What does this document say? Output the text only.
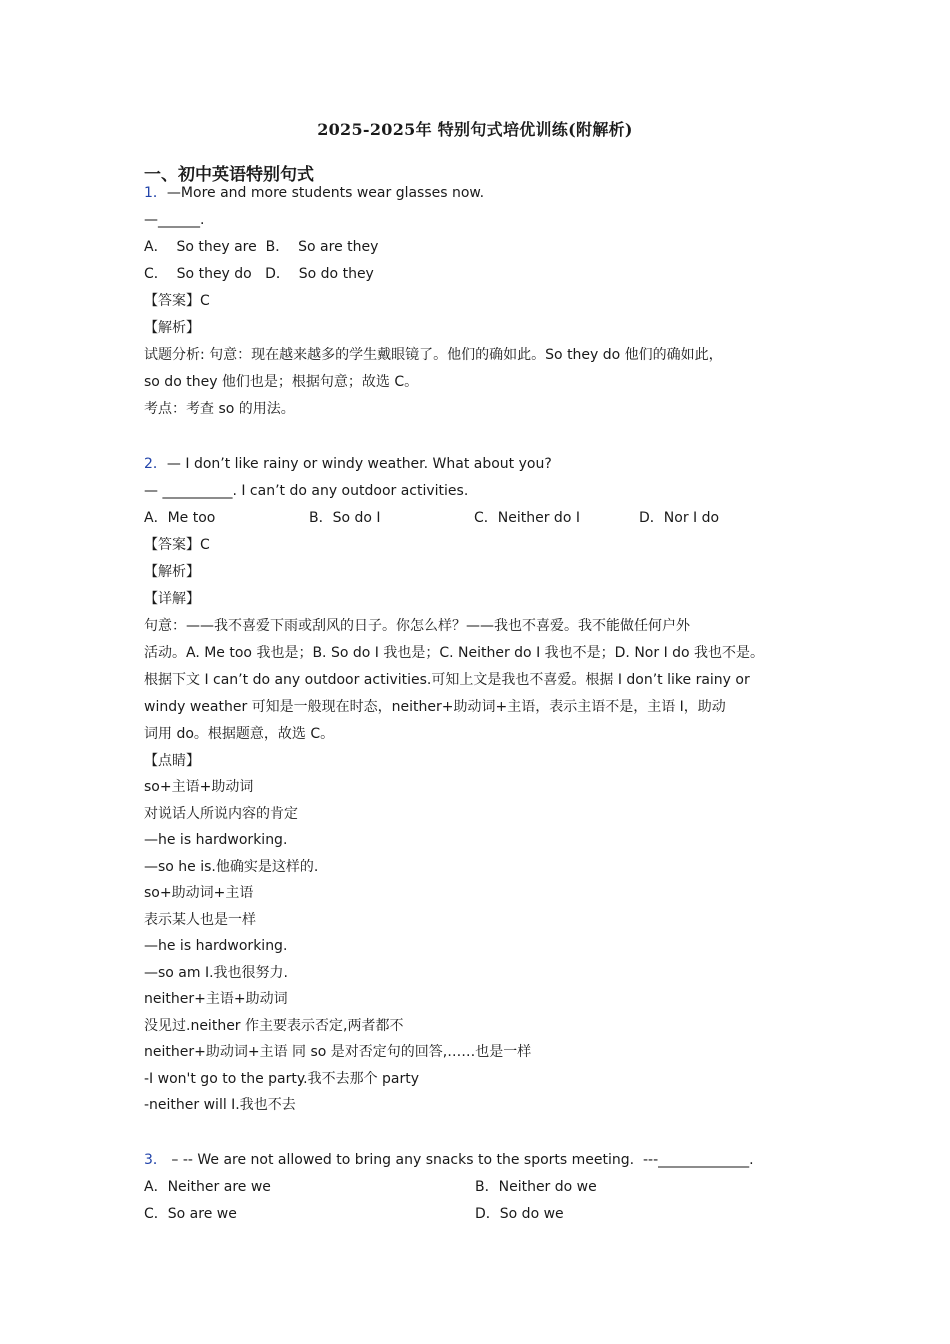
2025-2025年 特别句式培优训练(附解析)
一、初中英语特别句式
1．—More and more students wear glasses now.
—______.
A．  So they are  B．  So are they
C．  So they do   D．  So do they
【答案】C
【解析】
试题分析: 句意：现在越来越多的学生戴眼镜了。他们的确如此。So they do 他们的确如此，
so do they 他们也是；根据句意；故选 C。
考点：考查 so 的用法。
2．— I don’t like rainy or windy weather. What about you?
— __________. I can’t do any outdoor activities.
A．Me too	B．So do I	C．Neither do I	D．Nor I do
【答案】C
【解析】
【详解】
句意：——我不喜爱下雨或刮风的日子。你怎么样？——我也不喜爱。我不能做任何户外
活动。A. Me too 我也是；B. So do I 我也是；C. Neither do I 我也不是；D. Nor I do 我也不是。
根据下文 I can’t do any outdoor activities.可知上文是我也不喜爱。根据 I don’t like rainy or
windy weather 可知是一般现在时态，neither+助动词+主语，表示主语不是，主语 I，助动
词用 do。根据题意，故选 C。
【点睛】
so+主语+助动词
对说话人所说内容的肯定
—he is hardworking.
—so he is.他确实是这样的.
so+助动词+主语
表示某人也是一样
—he is hardworking.
—so am I.我也很努力.
neither+主语+助动词
没见过.neither 作主要表示否定,两者都不
neither+助动词+主语 同 so 是对否定句的回答,……也是一样
-I won't go to the party.我不去那个 party
-neither will I.我也不去
3． – -- We are not allowed to bring any snacks to the sports meeting.  ---_____________.
A．Neither are we	B．Neither do we
C．So are we	D．So do we
